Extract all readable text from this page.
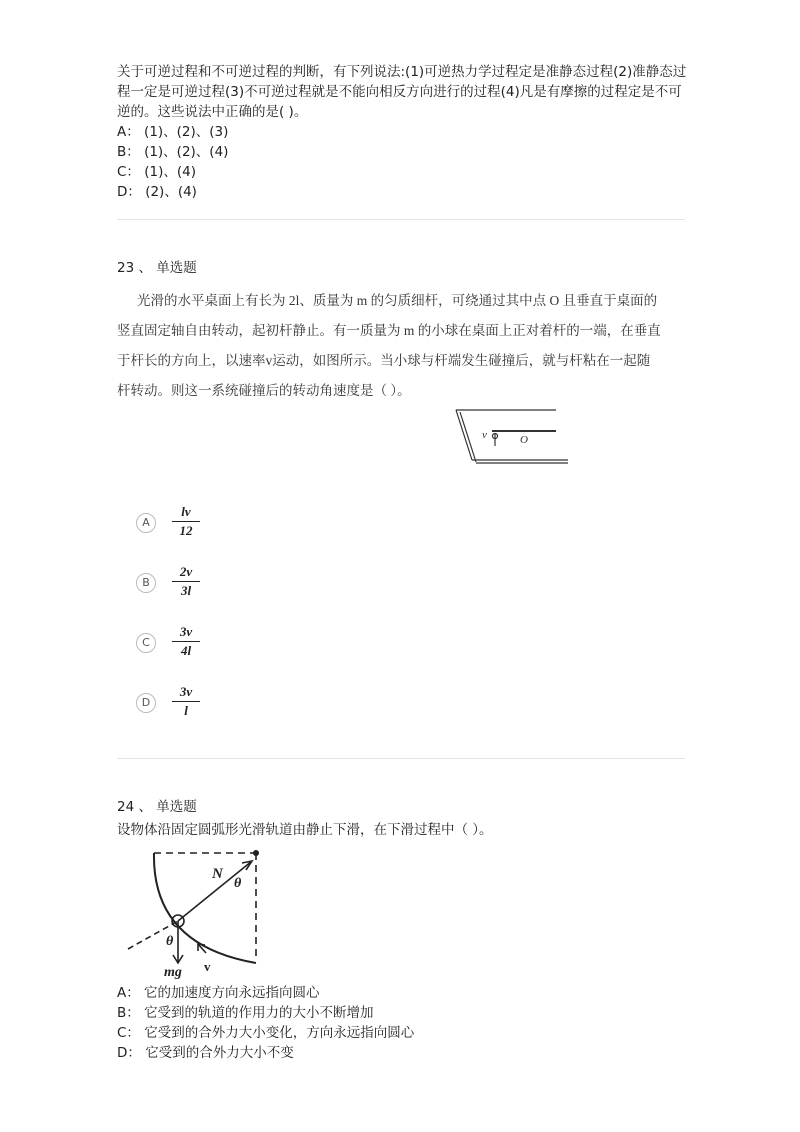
关于可逆过程和不可逆过程的判断，有下列说法:(1)可逆热力学过程定是准静态过程(2)准静态过程一定是可逆过程(3)不可逆过程就是不能向相反方向进行的过程(4)凡是有摩擦的过程定是不可逆的。这些说法中正确的是( )。
A： (1)、(2)、(3)
B： (1)、(2)、(4)
C： (1)、(4)
D： (2)、(4)
23 、 单选题
光滑的水平桌面上有长为 2l、质量为 m 的匀质细杆，可绕通过其中点 O 且垂直于桌面的
竖直固定轴自由转动，起初杆静止。有一质量为 m 的小球在桌面上正对着杆的一端，在垂直
于杆长的方向上，以速率v运动，如图所示。当小球与杆端发生碰撞后，就与杆粘在一起随
杆转动。则这一系统碰撞后的转动角速度是（ ）。
v	O
A	$\frac{lv}{12}$
B	$\frac{2v}{3l}$
C	$\frac{3v}{4l}$
D	$\frac{3v}{l}$
24 、 单选题
设物体沿固定圆弧形光滑轨道由静止下滑，在下滑过程中（ ）。
N
θ
θ
mg v
A： 它的加速度方向永远指向圆心
B： 它受到的轨道的作用力的大小不断增加
C： 它受到的合外力大小变化，方向永远指向圆心
D： 它受到的合外力大小不变
